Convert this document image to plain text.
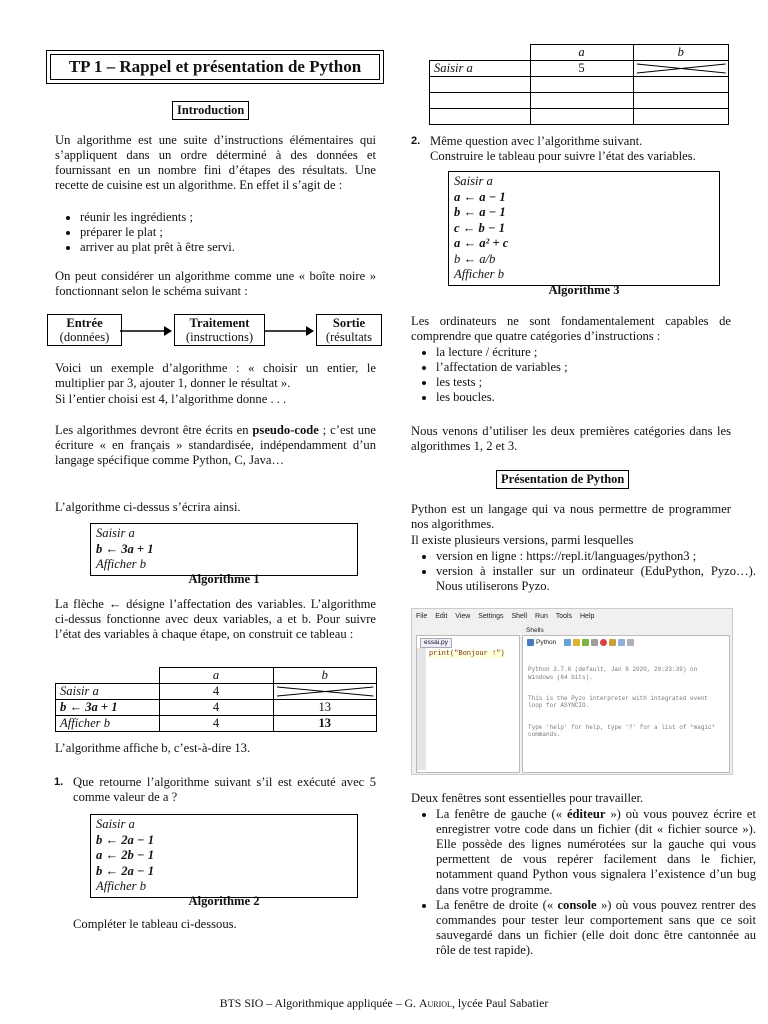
TP 1 – Rappel et présentation de Python
Introduction

Un algorithme est une suite d’instructions élémentaires qui s’appliquent dans un ordre déterminé à des données et fournissant en un nombre fini d’étapes des résultats. Une recette de cuisine est un algorithme. En effet il s’agit de :

• réunir les ingrédients ;
• préparer le plat ;
• arriver au plat prêt à être servi.

On peut considérer un algorithme comme une « boîte noire » fonctionnant selon le schéma suivant :

Entrée
(données)
Traitement
(instructions)
Sortie
(résultats

Voici un exemple d’algorithme : « choisir un entier, le multiplier par 3, ajouter 1, donner le résultat ».

Si l’entier choisi est 4, l’algorithme donne . . .

Les algorithmes devront être écrits en pseudo-code ; c’est une écriture « en français » standardisée, indépendamment d’un langage spécifique comme Python, C, Java…

L’algorithme ci-dessus s’écrira ainsi.

Saisir a
b ← 3a + 1
Afficher b
Algorithme 1

La flèche ← désigne l’affectation des variables. L’algorithme ci-dessus fonctionne avec deux variables, a et b. Pour suivre l’état des variables à chaque étape, on construit ce tableau :

	a	b
Saisir a	4	

b ← 3a + 1	4	13
Afficher b	4	13

L’algorithme affiche b, c’est-à-dire 13.

1. Que retourne l’algorithme suivant s’il est exécuté avec 5 comme valeur de a ?

Saisir a
b ← 2a − 1
a ← 2b − 1
b ← 2a − 1
Afficher b
Algorithme 2

Compléter le tableau ci-dessous.

	a	b
Saisir a	5	

2. Même question avec l’algorithme suivant.

Construire le tableau pour suivre l’état des variables.

Saisir a
a ← a − 1
b ← a − 1
c ← b − 1
a ← a² + c
b ← a/b
Afficher b
Algorithme 3

Les ordinateurs ne sont fondamentalement capables de comprendre que quatre catégories d’instructions :

• la lecture / écriture ;
• l’affectation de variables ;
• les tests ;
• les boucles.

Nous venons d’utiliser les deux premières catégories dans les algorithmes 1, 2 et 3.

Présentation de Python

Python est un langage qui va nous permettre de programmer nos algorithmes.

Il existe plusieurs versions, parmi lesquelles

• version en ligne : https://repl.it/languages/python3 ;
• version à installer sur un ordinateur (EduPython, Pyzo…). Nous utiliserons Pyzo.
File Edit View Settings Shell Run Tools Help
essai.py
print("Bonjour !")
Shells
Python

Python 3.7.6 (default, Jan 8 2020, 20:23:39) on Windows (64 bits).

This is the Pyzo interpreter with integrated event loop for ASYNCIO.

Type 'help' for help, type '?' for a list of *magic* commands.

Deux fenêtres sont essentielles pour travailler.

• La fenêtre de gauche (« éditeur ») où vous pouvez écrire et enregistrer votre code dans un fichier (dit « fichier source »). Elle possède des lignes numérotées sur la gauche qui vous permettent de vous repérer facilement dans le fichier, notamment quand Python vous signalera l’existence d’un bug dans votre programme.
• La fenêtre de droite (« console ») où vous pouvez rentrer des commandes pour tester leur comportement sans que ce soit sauvegardé dans un fichier (elle doit donc être cantonnée au rôle de test rapide).
BTS SIO – Algorithmique appliquée – G. Auriol, lycée Paul Sabatier
